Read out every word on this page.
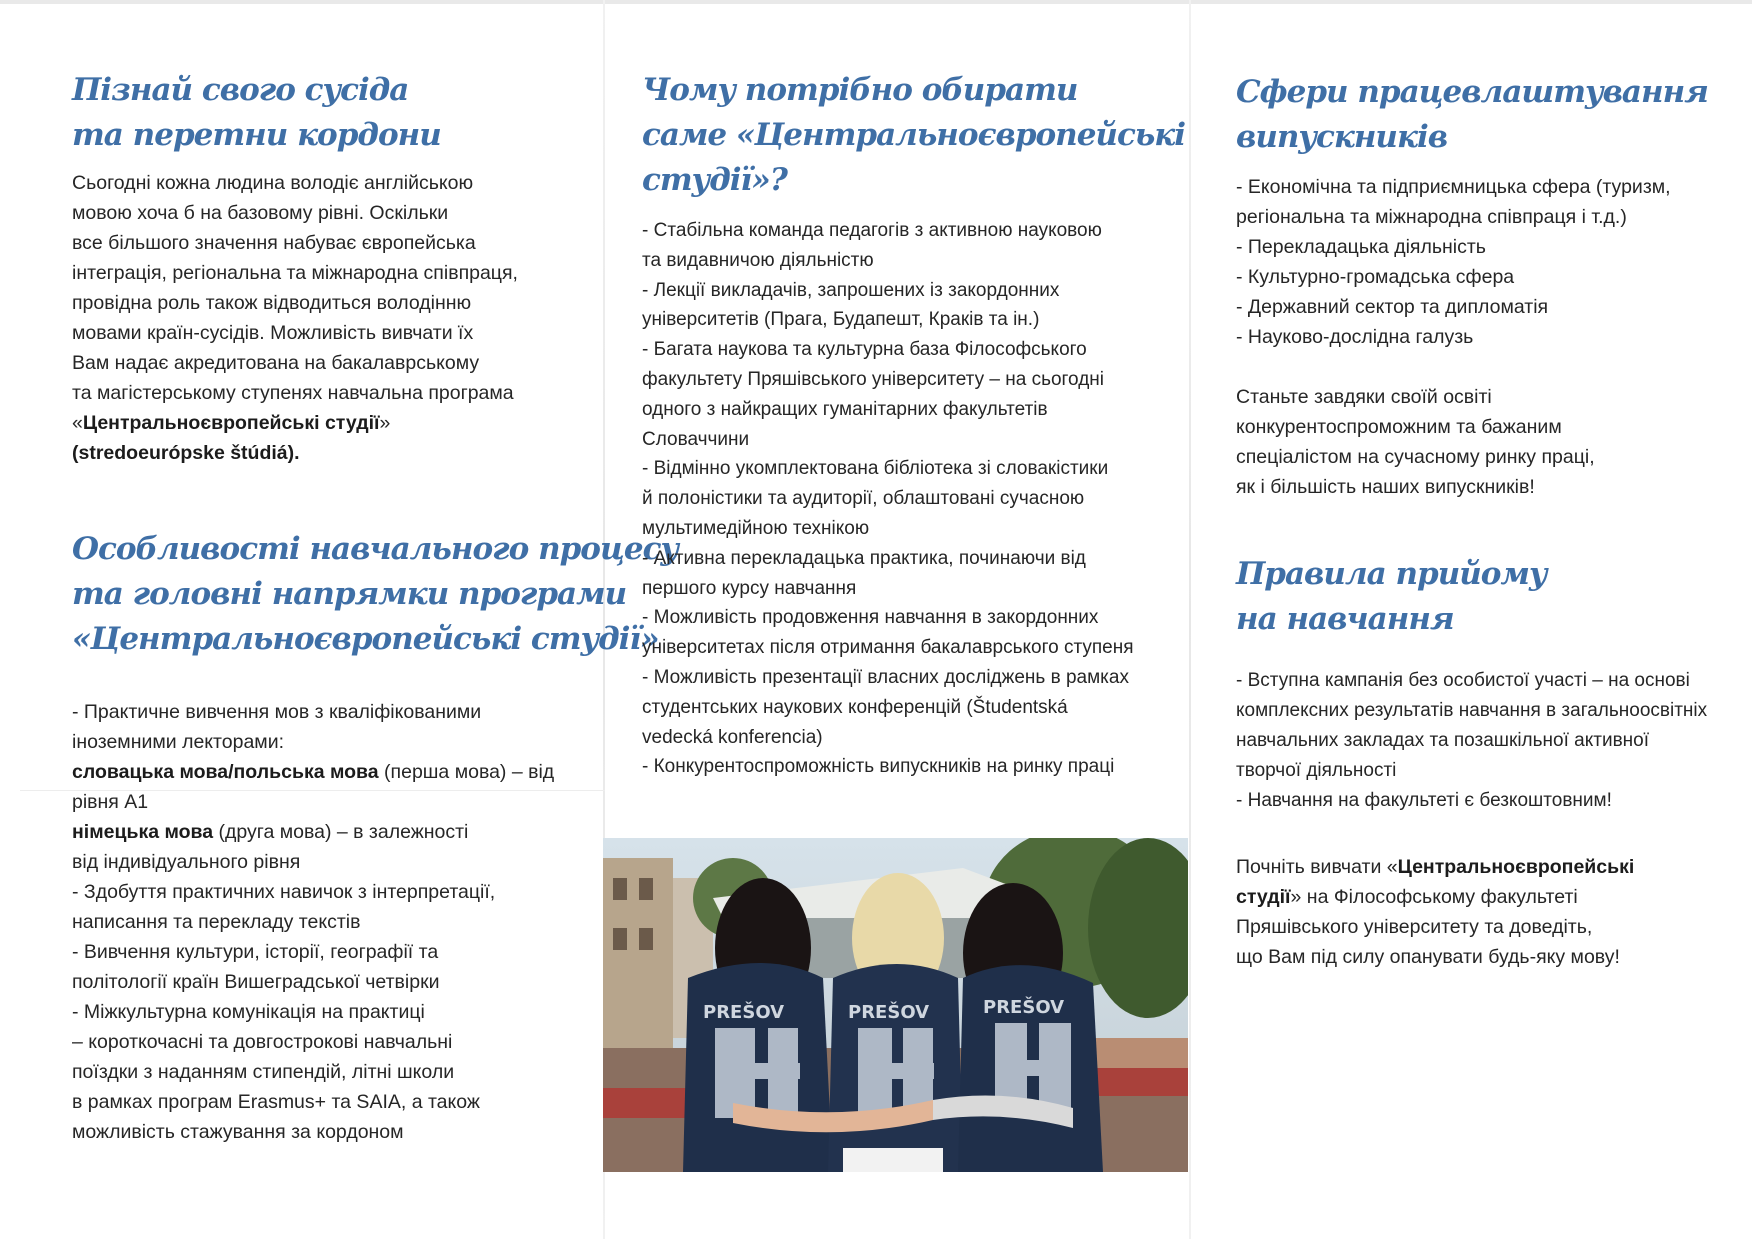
Пізнай свого сусіда
та перетни кордони

Сьогодні кожна людина володіє англійською

мовою хоча б на базовому рівні. Оскільки

все більшого значення набуває європейська

інтеграція, регіональна та міжнародна співпраця,

провідна роль також відводиться володінню

мовами країн-сусідів. Можливість вивчати їх

Вам надає акредитована на бакалаврському

та магістерському ступенях навчальна програма

«Центральноєвропейські студії»

(stredoeurópske štúdiá).

Особливості навчального процесу
та головні напрямки програми
«Центральноєвропейські студії»

- Практичне вивчення мов з кваліфікованими

іноземними лекторами:

словацька мова/польська мова (перша мова) – від

рівня А1

німецька мова (друга мова) – в залежності

від індивідуального рівня

- Здобуття практичних навичок з інтерпретації,

написання та перекладу текстів

- Вивчення культури, історії, географії та

політології країн Вишеградської четвірки

- Міжкультурна комунікація на практиці

– короткочасні та довгострокові навчальні

поїздки з наданням стипендій, літні школи

в рамках програм Erasmus+ та SAIA, а також

можливість стажування за кордоном

Чому потрібно обирати
саме «Центральноєвропейські
студії»?

- Стабільна команда педагогів з активною науковою

та видавничою діяльністю

- Лекції викладачів, запрошених із закордонних

університетів (Прага, Будапешт, Краків та ін.)

- Багата наукова та культурна база Філософського

факультету Пряшівського університету – на сьогодні

одного з найкращих гуманітарних факультетів

Словаччини

- Відмінно укомплектована бібліотека зі словакістики

й полоністики та аудиторії, облаштовані сучасною

мультимедійною технікою

- Активна перекладацька практика, починаючи від

першого курсу навчання

- Можливість продовження навчання в закордонних

університетах після отримання бакалаврського ступеня

- Можливість презентації власних досліджень в рамках

студентських наукових конференцій (Študentská

vedecká konferencia)

- Конкурентоспроможність випускників на ринку праці

PREŠOV	PREŠOV	PREŠOV
Сфери працевлаштування
випускників

- Економічна та підприємницька сфера (туризм,

регіональна та міжнародна співпраця і т.д.)

- Перекладацька діяльність

- Культурно-громадська сфера

- Державний сектор та дипломатія

- Науково-дослідна галузь

Станьте завдяки своїй освіті

конкурентоспроможним та бажаним

спеціалістом на сучасному ринку праці,

як і більшість наших випускників!

Правила прийому
на навчання

- Вступна кампанія без особистої участі – на основі

комплексних результатів навчання в загальноосвітніх

навчальних закладах та позашкільної активної

творчої діяльності

- Навчання на факультеті є безкоштовним!

Почніть вивчати «Центральноєвропейські

студії» на Філософському факультеті

Пряшівського університету та доведіть,

що Вам під силу опанувати будь-яку мову!
